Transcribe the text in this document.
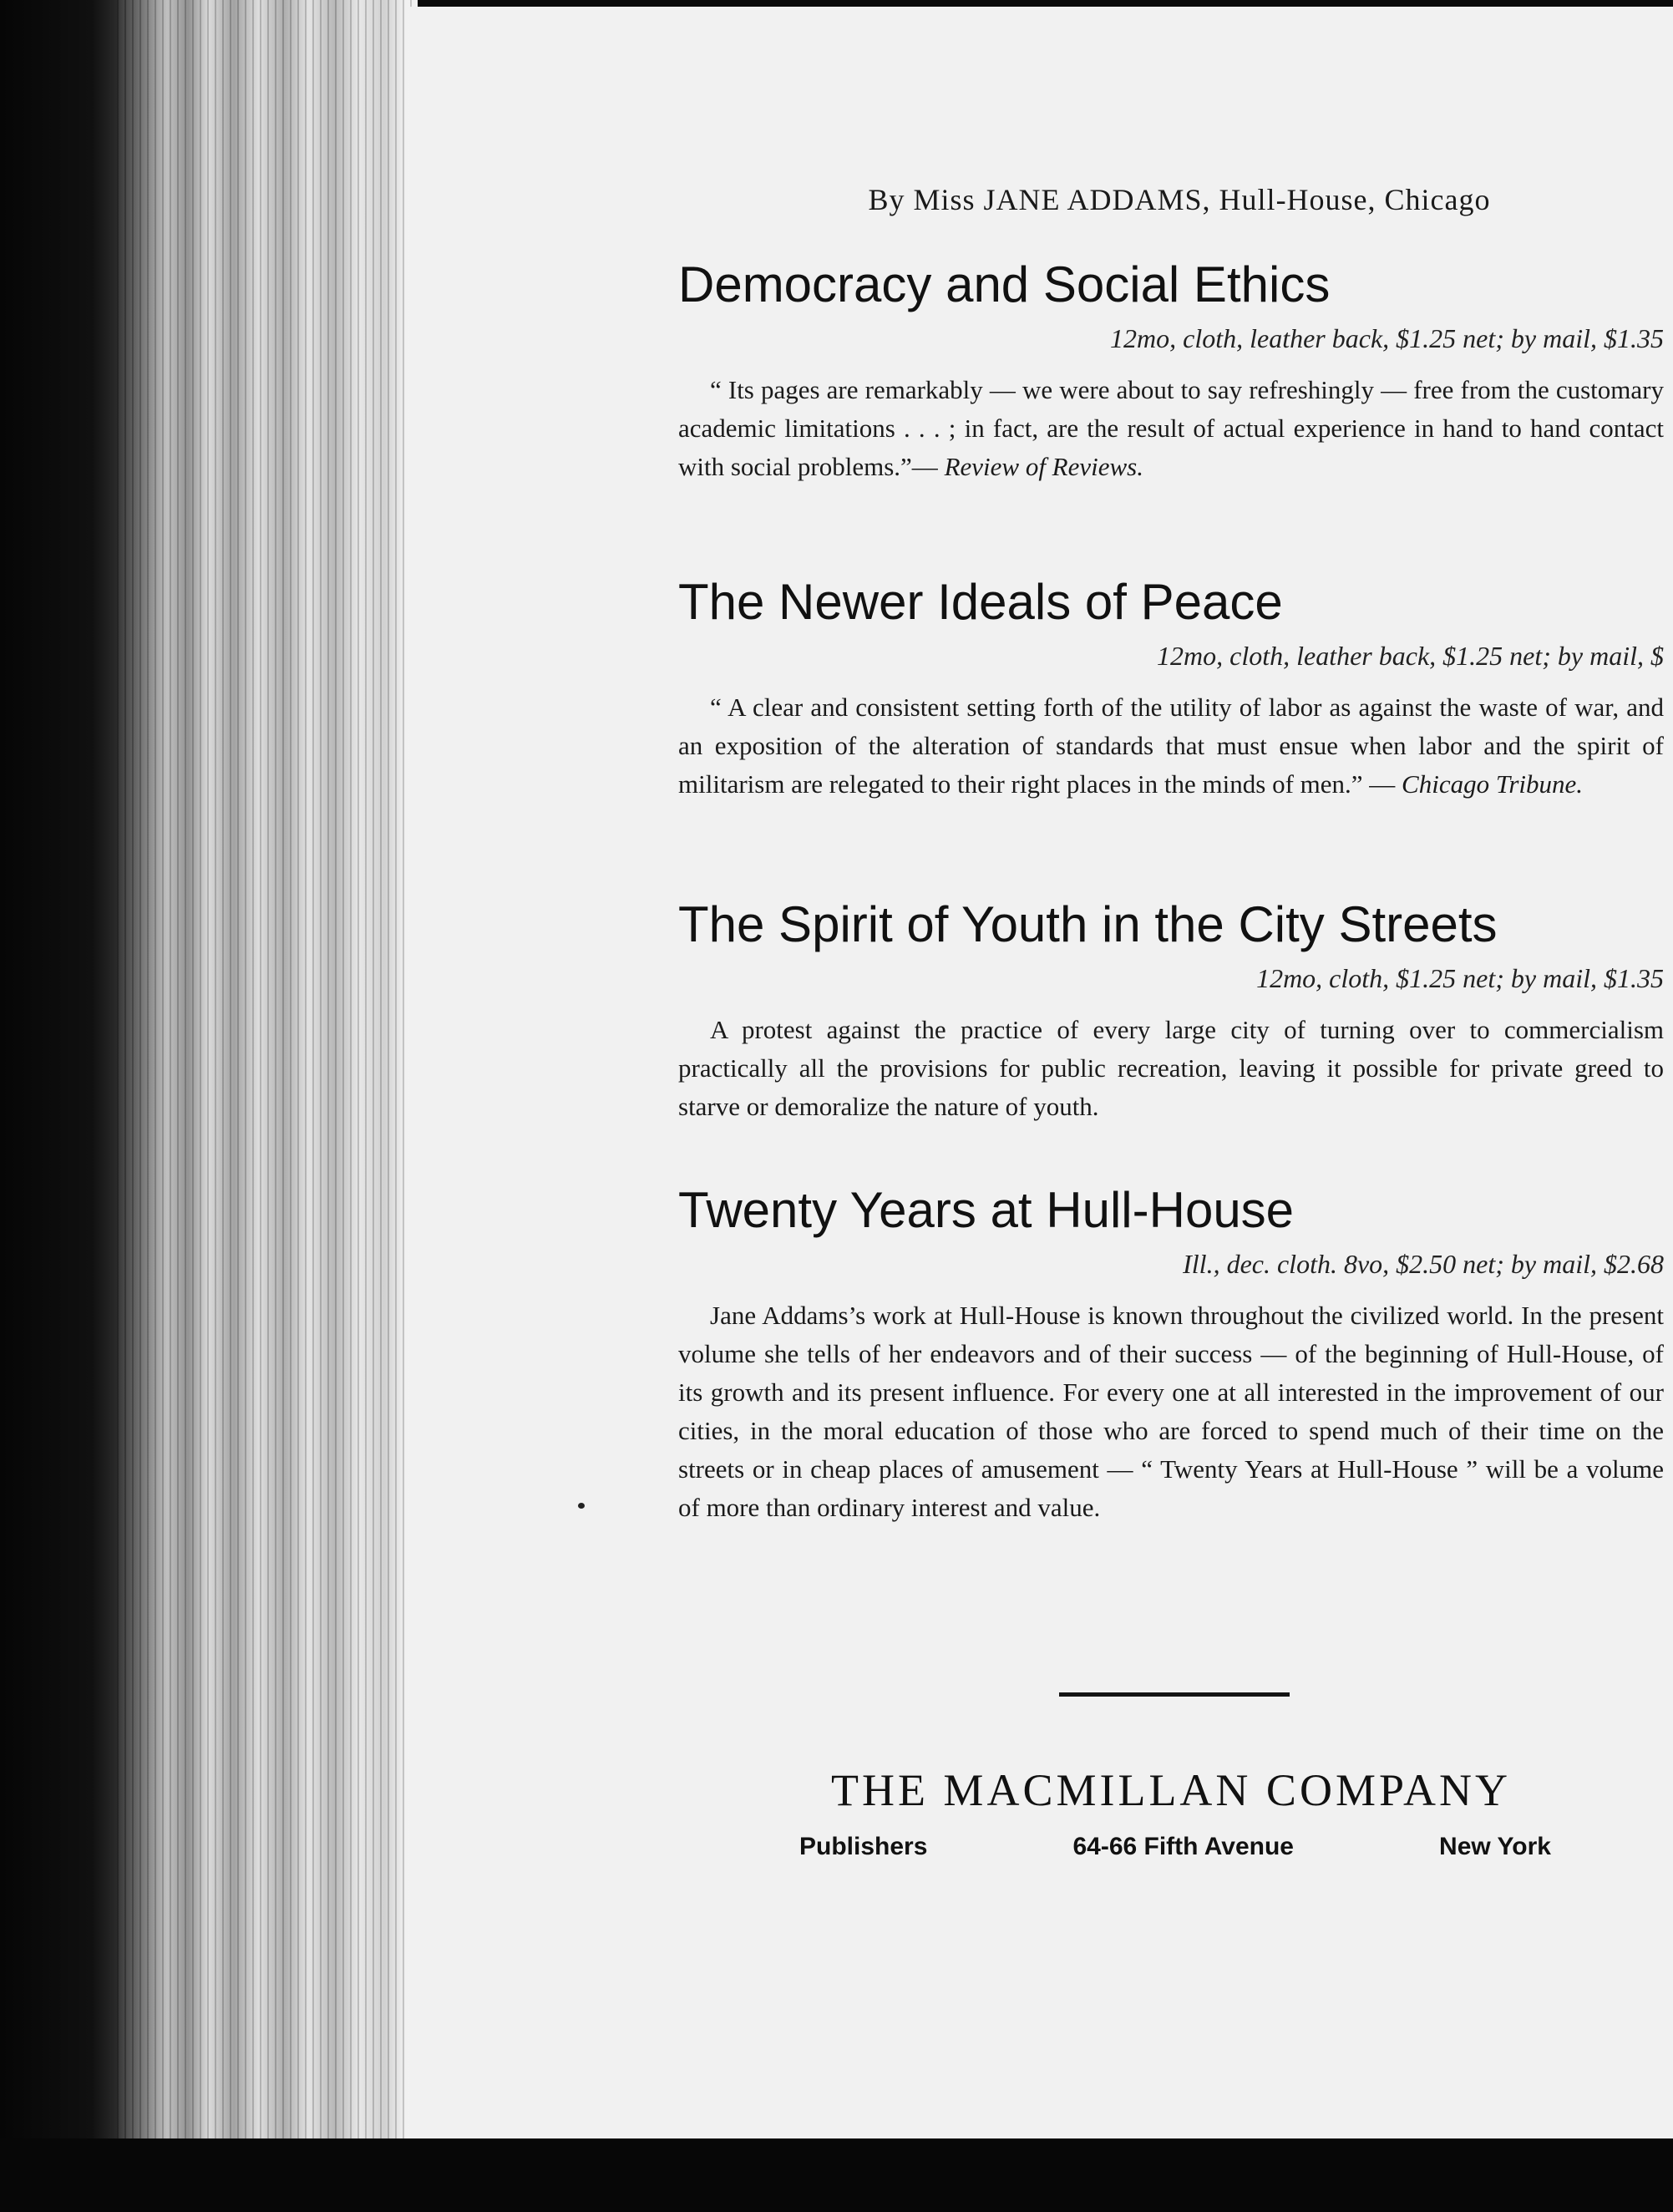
By Miss JANE ADDAMS, Hull-House, Chicago
Democracy and Social Ethics
12mo, cloth, leather back, $1.25 net; by mail, $1.35
“ Its pages are remarkably — we were about to say refreshingly — free from the customary academic limitations . . . ; in fact, are the result of actual experience in hand to hand contact with social problems.”— Review of Reviews.
The Newer Ideals of Peace
12mo, cloth, leather back, $1.25 net; by mail, $
“ A clear and consistent setting forth of the utility of labor as against the waste of war, and an exposition of the alteration of standards that must ensue when labor and the spirit of militarism are relegated to their right places in the minds of men.” — Chicago Tribune.
The Spirit of Youth in the City Streets
12mo, cloth, $1.25 net; by mail, $1.35
A protest against the practice of every large city of turning over to commercialism practically all the provisions for public recreation, leaving it possible for private greed to starve or demoralize the nature of youth.
Twenty Years at Hull-House
Ill., dec. cloth. 8vo, $2.50 net; by mail, $2.68
Jane Addams’s work at Hull-House is known throughout the civilized world. In the present volume she tells of her endeavors and of their success — of the beginning of Hull-House, of its growth and its present influence. For every one at all interested in the improvement of our cities, in the moral education of those who are forced to spend much of their time on the streets or in cheap places of amusement — “ Twenty Years at Hull-House ” will be a volume of more than ordinary interest and value.
THE MACMILLAN COMPANY
Publishers	64-66 Fifth Avenue	New York
